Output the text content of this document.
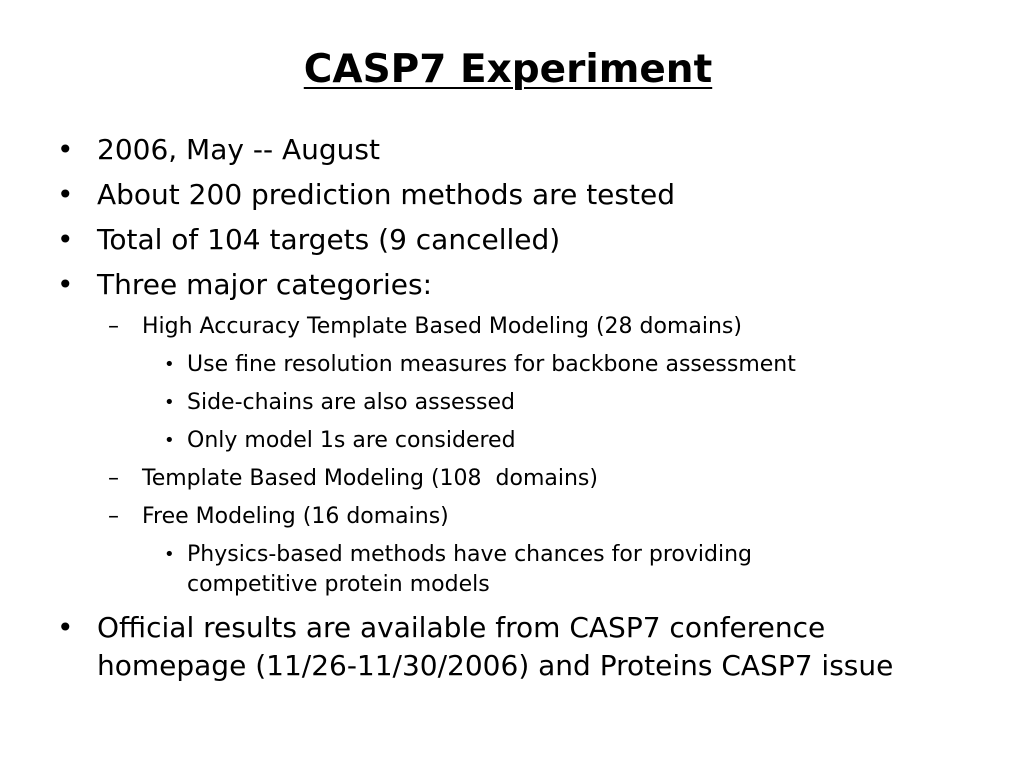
CASP7 Experiment
• 2006, May -- August
• About 200 prediction methods are tested
• Total of 104 targets (9 cancelled)
• Three major categories:
–	High Accuracy Template Based Modeling (28 domains)
• Use fine resolution measures for backbone assessment
• Side-chains are also assessed
• Only model 1s are considered
–	Template Based Modeling (108  domains)
–	Free Modeling (16 domains)
• Physics-based methods have chances for providing competitive protein models
• Official results are available from CASP7 conference homepage (11/26-11/30/2006) and Proteins CASP7 issue
